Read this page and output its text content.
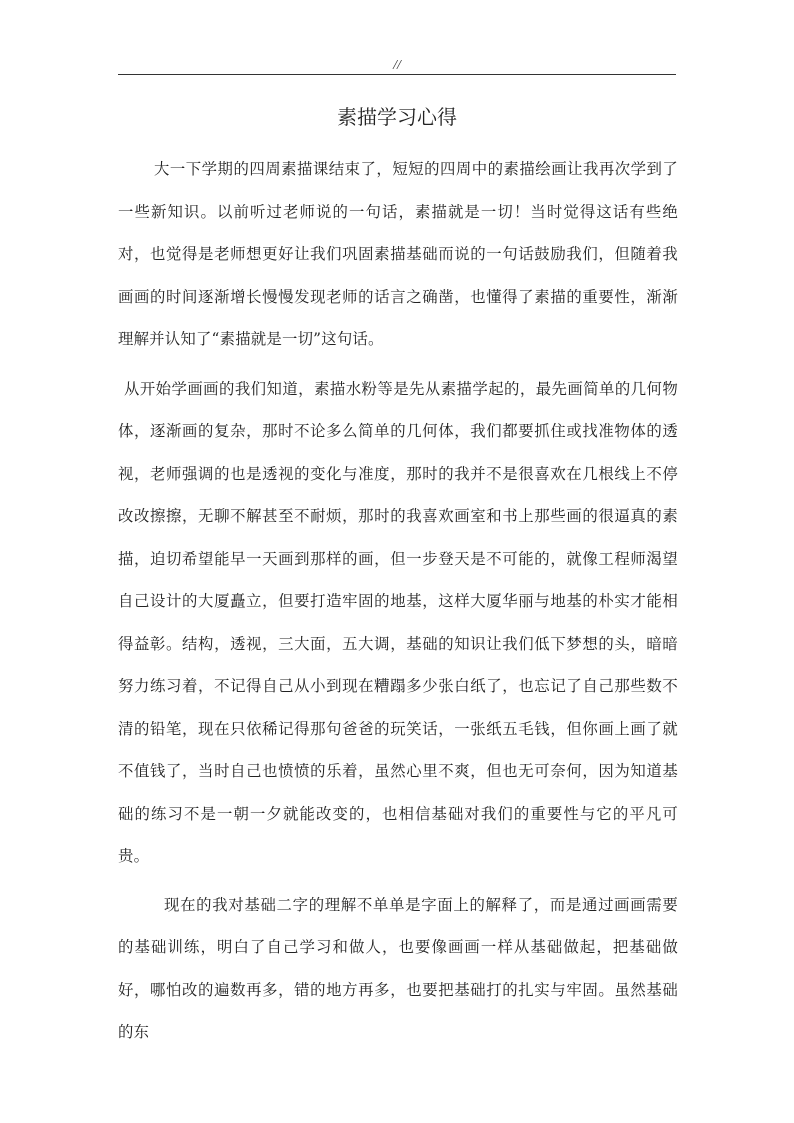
//
素描学习心得

大一下学期的四周素描课结束了，短短的四周中的素描绘画让我再次学到了一些新知识。以前听过老师说的一句话，素描就是一切！当时觉得这话有些绝对，也觉得是老师想更好让我们巩固素描基础而说的一句话鼓励我们，但随着我画画的时间逐渐增长慢慢发现老师的话言之确凿，也懂得了素描的重要性，渐渐理解并认知了“素描就是一切”这句话。

从开始学画画的我们知道，素描水粉等是先从素描学起的，最先画简单的几何物体，逐渐画的复杂，那时不论多么简单的几何体，我们都要抓住或找准物体的透视，老师强调的也是透视的变化与准度，那时的我并不是很喜欢在几根线上不停改改擦擦，无聊不解甚至不耐烦，那时的我喜欢画室和书上那些画的很逼真的素描，迫切希望能早一天画到那样的画，但一步登天是不可能的，就像工程师渴望自己设计的大厦矗立，但要打造牢固的地基，这样大厦华丽与地基的朴实才能相得益彰。结构，透视，三大面，五大调，基础的知识让我们低下梦想的头，暗暗努力练习着，不记得自己从小到现在糟蹋多少张白纸了，也忘记了自己那些数不清的铅笔，现在只依稀记得那句爸爸的玩笑话，一张纸五毛钱，但你画上画了就不值钱了，当时自己也愤愤的乐着，虽然心里不爽，但也无可奈何，因为知道基础的练习不是一朝一夕就能改变的，也相信基础对我们的重要性与它的平凡可贵。

现在的我对基础二字的理解不单单是字面上的解释了，而是通过画画需要的基础训练，明白了自己学习和做人，也要像画画一样从基础做起，把基础做好，哪怕改的遍数再多，错的地方再多，也要把基础打的扎实与牢固。虽然基础的东
